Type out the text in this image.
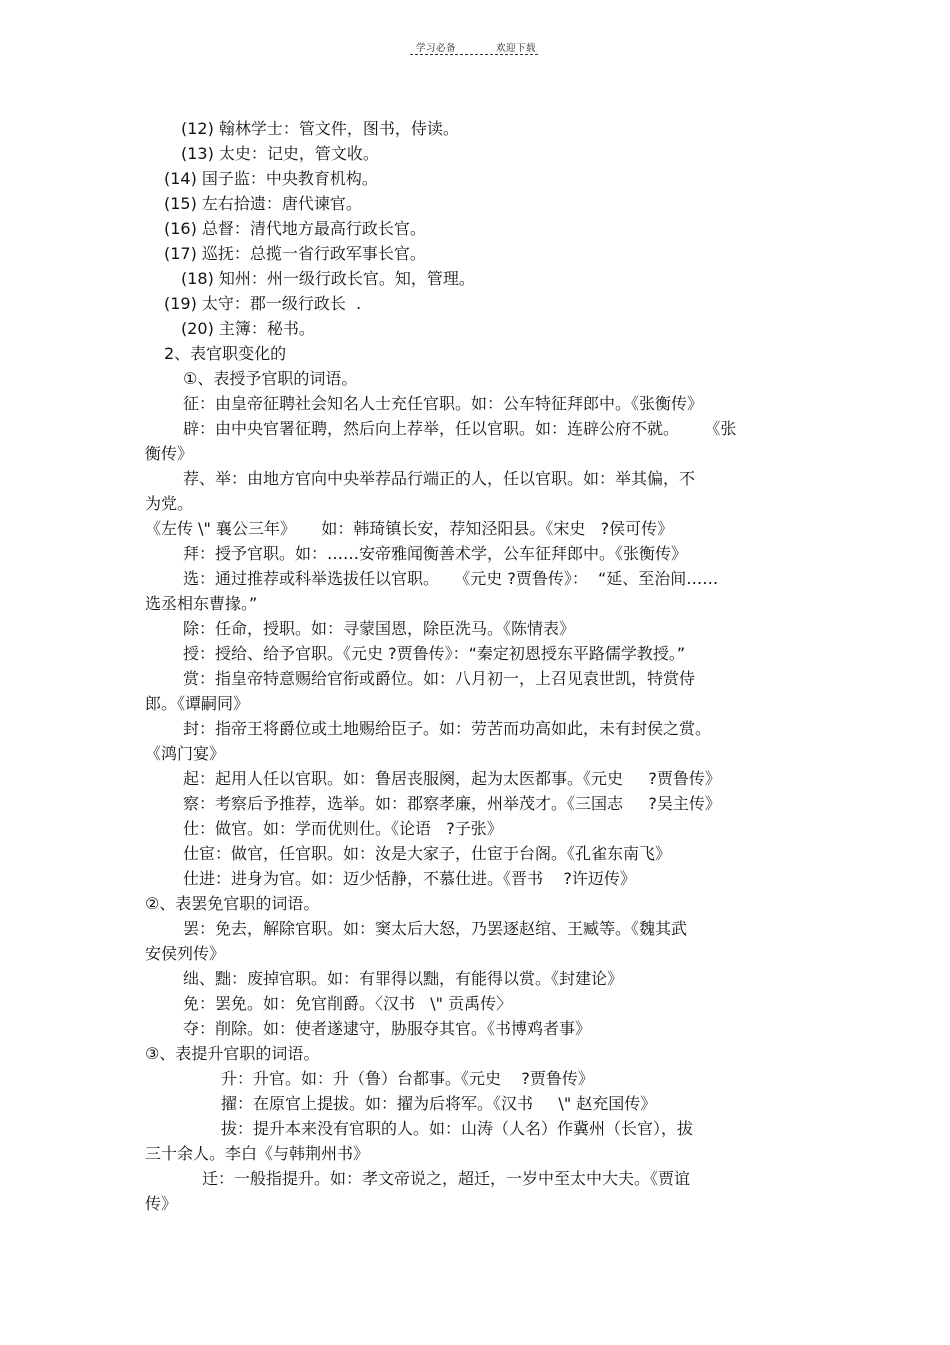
学习必备	欢迎下载
(12) 翰林学士：管文件，图书，侍读。
(13) 太史：记史，管文收。
(14) 国子监：中央教育机构。
(15) 左右拾遗：唐代谏官。
(16) 总督：清代地方最高行政长官。
(17) 巡抚：总揽一省行政军事长官。
(18) 知州：州一级行政长官。知，管理。
(19) 太守：郡一级行政长  .
(20) 主簿：秘书。
2、表官职变化的
①、表授予官职的词语。
征：由皇帝征聘社会知名人士充任官职。如：公车特征拜郎中。《张衡传》
辟：由中央官署征聘，然后向上荐举，任以官职。如：连辟公府不就。     《张
衡传》
荐、举：由地方官向中央举荐品行端正的人，任以官职。如：举其偏，不
为党。
《左传 \" 襄公三年》     如：韩琦镇长安，荐知泾阳县。《宋史   ?侯可传》
拜：授予官职。如：……安帝雅闻衡善术学，公车征拜郎中。《张衡传》
选：通过推荐或科举选拔任以官职。   《元史 ?贾鲁传》：  “延、至治间……
选丞相东曹掾。”
除：任命，授职。如：寻蒙国恩，除臣洗马。《陈情表》
授：授给、给予官职。《元史 ?贾鲁传》：“秦定初恩授东平路儒学教授。”
赏：指皇帝特意赐给官衔或爵位。如：八月初一，上召见袁世凯，特赏侍
郎。《谭嗣同》
封：指帝王将爵位或土地赐给臣子。如：劳苦而功高如此，未有封侯之赏。
《鸿门宴》
起：起用人任以官职。如：鲁居丧服阕，起为太医都事。《元史     ?贾鲁传》
察：考察后予推荐，选举。如：郡察孝廉，州举茂才。《三国志     ?吴主传》
仕：做官。如：学而优则仕。《论语   ?子张》
仕宦：做官，任官职。如：汝是大家子，仕宦于台阁。《孔雀东南飞》
仕进：进身为官。如：迈少恬静，不慕仕进。《晋书    ?许迈传》
②、表罢免官职的词语。
罢：免去，解除官职。如：窦太后大怒，乃罢逐赵绾、王臧等。《魏其武
安侯列传》
绌、黜：废掉官职。如：有罪得以黜，有能得以赏。《封建论》
免：罢免。如：免官削爵。〈汉书   \" 贡禹传〉
夺：削除。如：使者遂逮守，胁服夺其官。《书博鸡者事》
③、表提升官职的词语。
升：升官。如：升（鲁）台都事。《元史    ?贾鲁传》
擢：在原官上提拔。如：擢为后将军。《汉书     \" 赵充国传》
拔：提升本来没有官职的人。如：山涛（人名）作冀州（长官），拔
三十余人。李白《与韩荆州书》
迁：一般指提升。如：孝文帝说之，超迁，一岁中至太中大夫。《贾谊
传》
